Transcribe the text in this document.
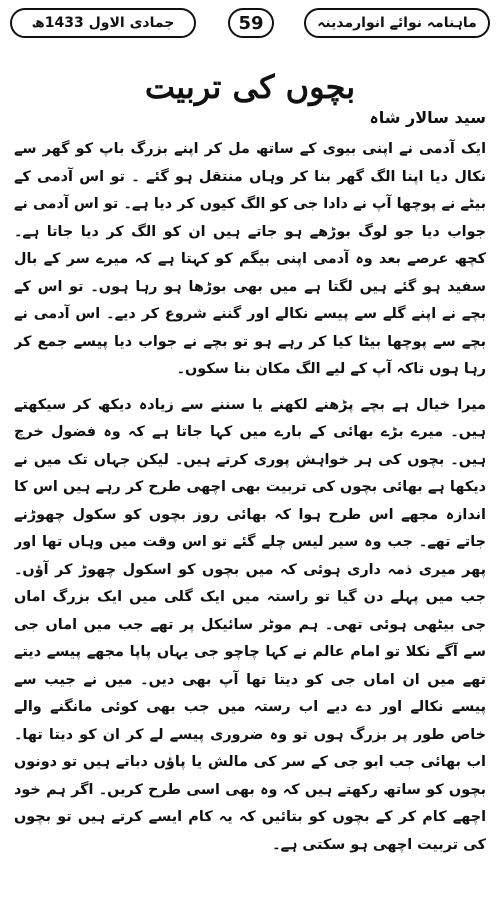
جمادی الاول 1433ھ	59	ماہنامہ نوائے انوارمدینہ
بچوں کی تربیت
سید سالار شاہ

ایک آدمی نے اپنی بیوی کے ساتھ مل کر اپنے بزرگ باپ کو گھر سے نکال دیا اپنا الگ گھر بنا کر وہاں منتقل ہو گئے ۔ تو اس آدمی کے بیٹے نے پوچھا آپ نے دادا جی کو الگ کیوں کر دیا ہے۔ تو اس آدمی نے جواب دیا جو لوگ بوڑھے ہو جاتے ہیں ان کو الگ کر دیا جاتا ہے۔ کچھ عرصے بعد وہ آدمی اپنی بیگم کو کہتا ہے کہ میرے سر کے بال سفید ہو گئے ہیں لگتا ہے میں بھی بوڑھا ہو رہا ہوں۔ تو اس کے بچے نے اپنے گلے سے پیسے نکالے اور گننے شروع کر دیے۔ اس آدمی نے بچے سے پوچھا بیٹا کیا کر رہے ہو تو بچے نے جواب دیا پیسے جمع کر رہا ہوں تاکہ آپ کے لیے الگ مکان بنا سکوں۔

میرا خیال ہے بچے پڑھنے لکھنے یا سننے سے زیادہ دیکھ کر سیکھتے ہیں۔ میرے بڑے بھائی کے بارے میں کہا جاتا ہے کہ وہ فضول خرچ ہیں۔ بچوں کی ہر خواہش پوری کرتے ہیں۔ لیکن جہاں تک میں نے دیکھا ہے بھائی بچوں کی تربیت بھی اچھی طرح کر رہے ہیں اس کا اندازہ مجھے اس طرح ہوا کہ بھائی روز بچوں کو سکول چھوڑنے جاتے تھے۔ جب وہ سیر لیس چلے گئے تو اس وقت میں وہاں تھا اور پھر میری ذمہ داری ہوئی کہ میں بچوں کو اسکول چھوڑ کر آؤں۔ جب میں پہلے دن گیا تو راستہ میں ایک گلی میں ایک بزرگ اماں جی بیٹھی ہوئی تھی۔ ہم موٹر سائیکل پر تھے جب میں اماں جی سے آگے نکلا تو امام عالم نے کہا چاچو جی یہاں پاپا مجھے پیسے دیتے تھے میں ان اماں جی کو دیتا تھا آپ بھی دیں۔ میں نے جیب سے پیسے نکالے اور دے دیے اب رستہ میں جب بھی کوئی مانگنے والے خاص طور پر بزرگ ہوں تو وہ ضروری پیسے لے کر ان کو دیتا تھا۔ اب بھائی جب ابو جی کے سر کی مالش یا پاؤں دباتے ہیں تو دونوں بچوں کو ساتھ رکھتے ہیں کہ وہ بھی اسی طرح کریں۔ اگر ہم خود اچھے کام کر کے بچوں کو بتائیں کہ یہ کام ایسے کرتے ہیں تو بچوں کی تربیت اچھی ہو سکتی ہے۔
